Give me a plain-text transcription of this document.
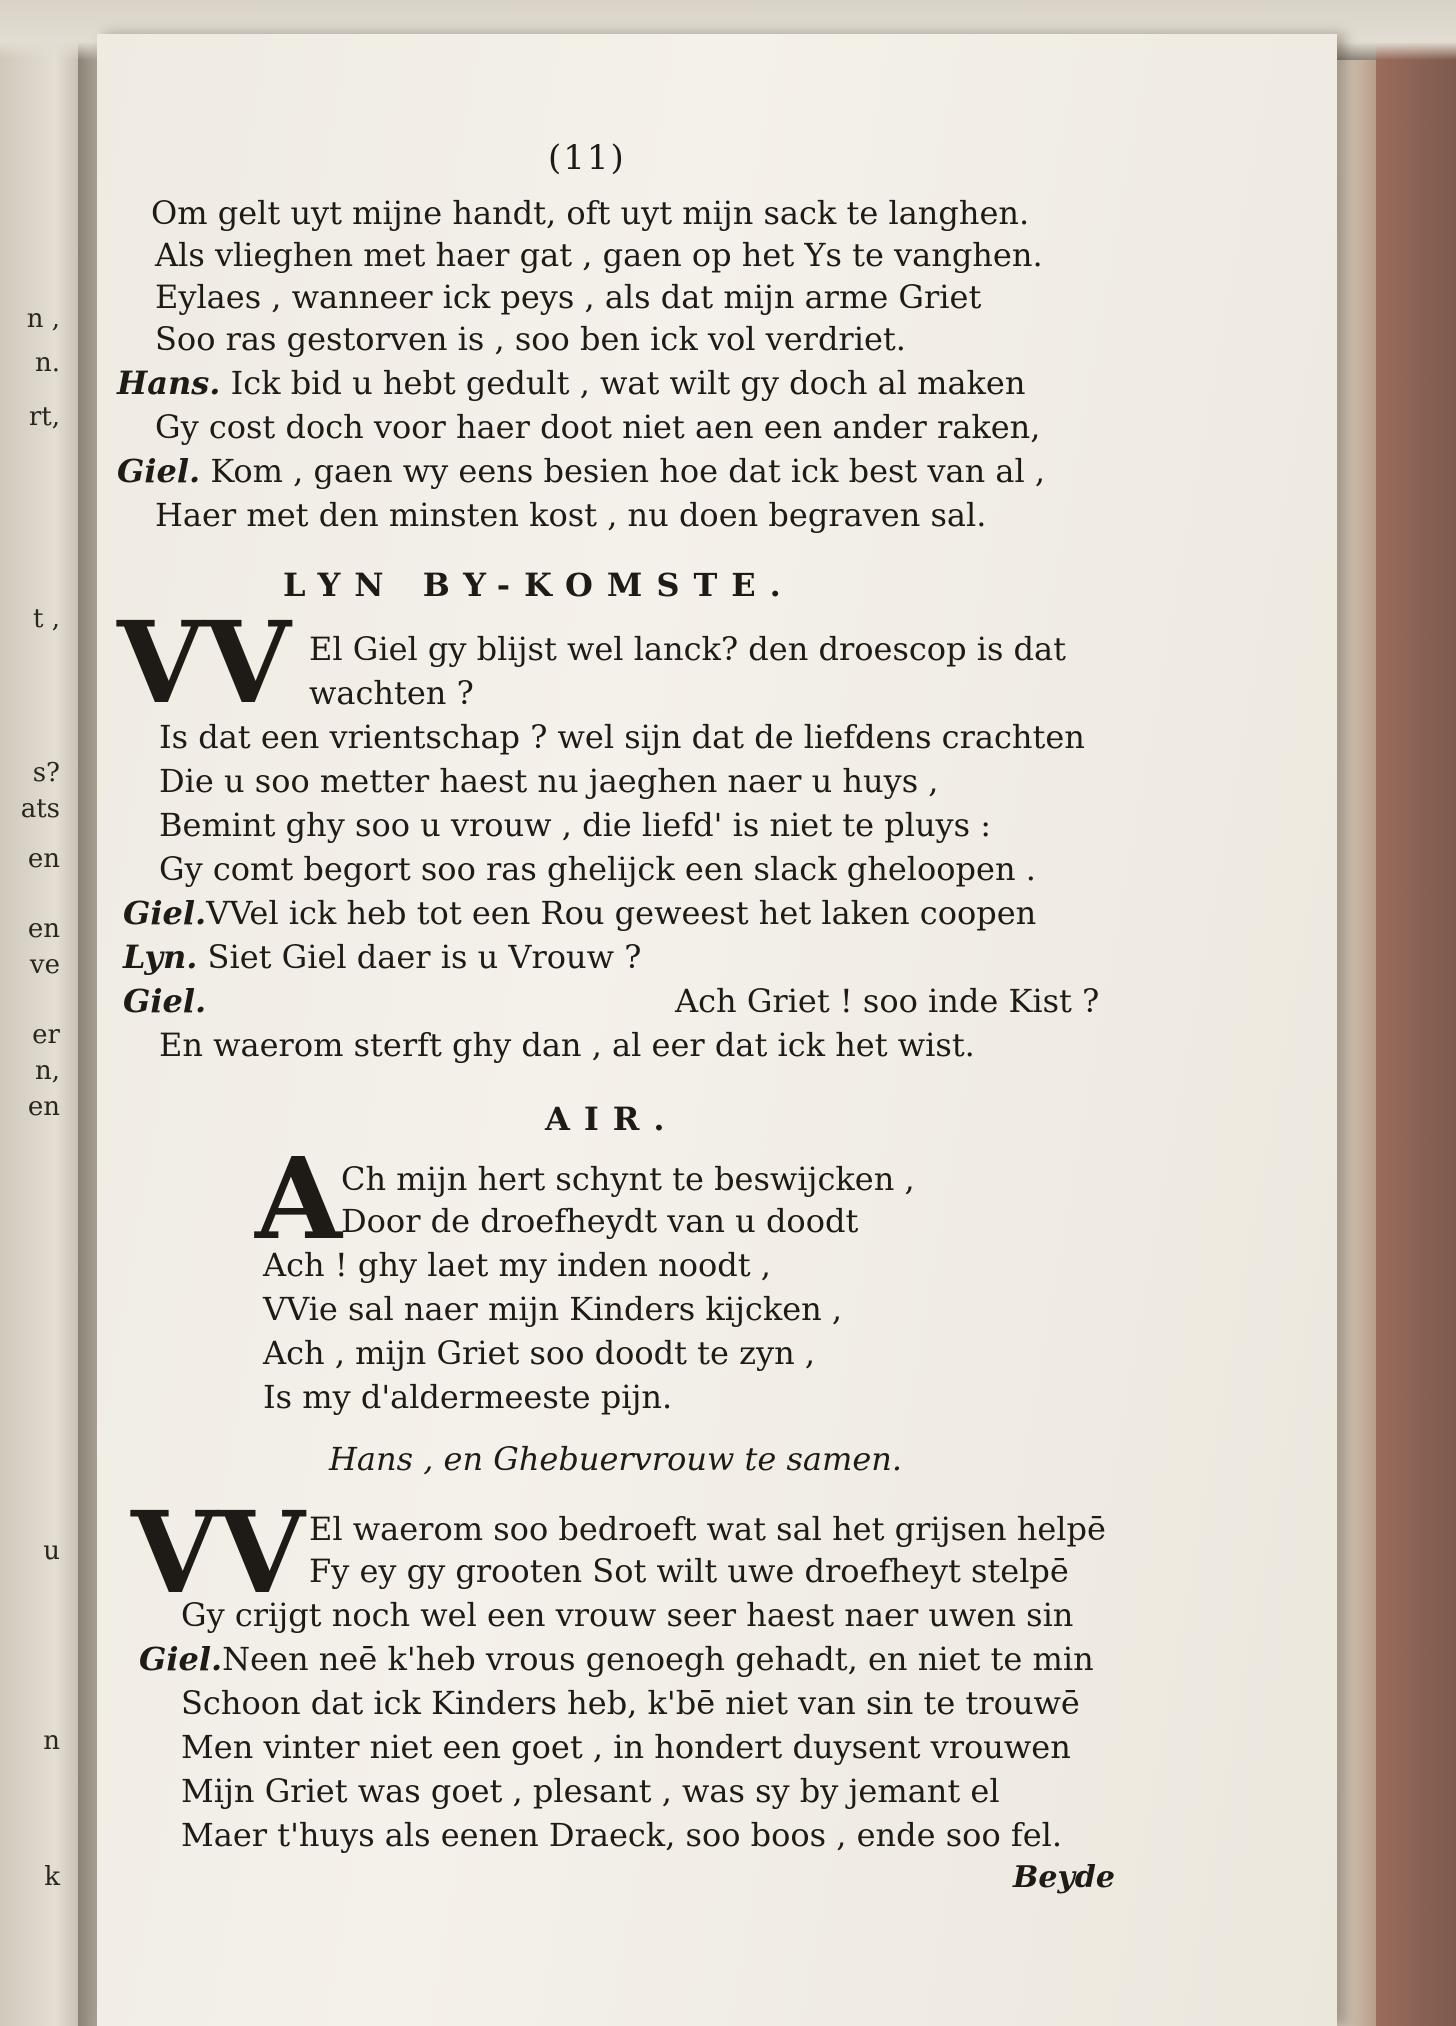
n ,
n.
rt,
t ,
s?
ats
en
en
ve
er
n,
en
u
n
k
(11)
Om gelt uyt mijne handt, oft uyt mijn sack te langhen.
Als vlieghen met haer gat , gaen op het Ys te vanghen.
Eylaes , wanneer ick peys , als dat mijn arme Griet
Soo ras gestorven is , soo ben ick vol verdriet.
Hans. Ick bid u hebt gedult , wat wilt gy doch al maken
Gy cost doch voor haer doot niet aen een ander raken,
Giel. Kom , gaen wy eens besien hoe dat ick best van al ,
Haer met den minsten kost , nu doen begraven sal.
LYN BY-KOMSTE.
VV El Giel gy blijst wel lanck? den droescop is dat
wachten ?
Is dat een vrientschap ? wel sijn dat de liefdens crachten
Die u soo metter haest nu jaeghen naer u huys ,
Bemint ghy soo u vrouw , die liefd' is niet te pluys :
Gy comt begort soo ras ghelijck een slack gheloopen .
Giel.VVel ick heb tot een Rou geweest het laken coopen
Lyn. Siet Giel daer is u Vrouw ?
Giel.	Ach Griet ! soo inde Kist ?
En waerom sterft ghy dan , al eer dat ick het wist.
AIR.
A Ch mijn hert schynt te beswijcken ,
Door de droefheydt van u doodt
Ach ! ghy laet my inden noodt ,
VVie sal naer mijn Kinders kijcken ,
Ach , mijn Griet soo doodt te zyn ,
Is my d'aldermeeste pijn.
Hans , en Ghebuervrouw te samen.
VV El waerom soo bedroeft wat sal het grijsen helpē
Fy ey gy grooten Sot wilt uwe droefheyt stelpē
Gy crijgt noch wel een vrouw seer haest naer uwen sin
Giel.Neen neē k'heb vrous genoegh gehadt, en niet te min
Schoon dat ick Kinders heb, k'bē niet van sin te trouwē
Men vinter niet een goet , in hondert duysent vrouwen
Mijn Griet was goet , plesant , was sy by jemant el
Maer t'huys als eenen Draeck, soo boos , ende soo fel.
Beyde
